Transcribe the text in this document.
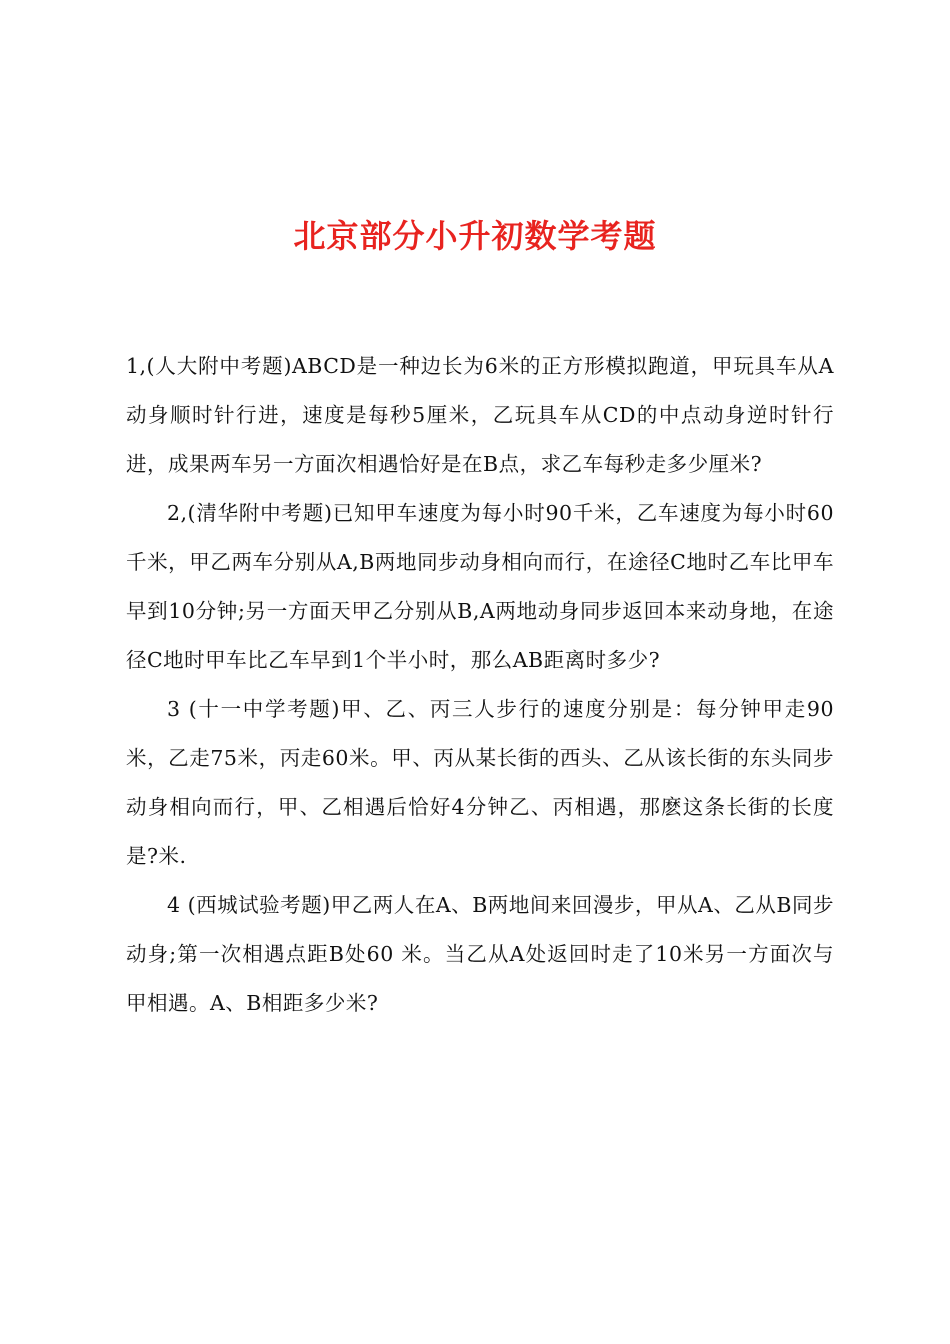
北京部分小升初数学考题

1,(人大附中考题)ABCD是一种边长为6米的正方形模拟跑道，甲玩具车从A动身顺时针行进，速度是每秒5厘米，乙玩具车从CD的中点动身逆时针行进，成果两车另一方面次相遇恰好是在B点，求乙车每秒走多少厘米?

2,(清华附中考题)已知甲车速度为每小时90千米，乙车速度为每小时60千米，甲乙两车分别从A,B两地同步动身相向而行，在途径C地时乙车比甲车早到10分钟;另一方面天甲乙分别从B,A两地动身同步返回本来动身地，在途径C地时甲车比乙车早到1个半小时，那么AB距离时多少?

3 (十一中学考题)甲、乙、丙三人步行的速度分别是：每分钟甲走90米，乙走75米，丙走60米。甲、丙从某长街的西头、乙从该长街的东头同步动身相向而行，甲、乙相遇后恰好4分钟乙、丙相遇，那麽这条长街的长度是?米.

4 (西城试验考题)甲乙两人在A、B两地间来回漫步，甲从A、乙从B同步动身;第一次相遇点距B处60 米。当乙从A处返回时走了10米另一方面次与甲相遇。A、B相距多少米?
